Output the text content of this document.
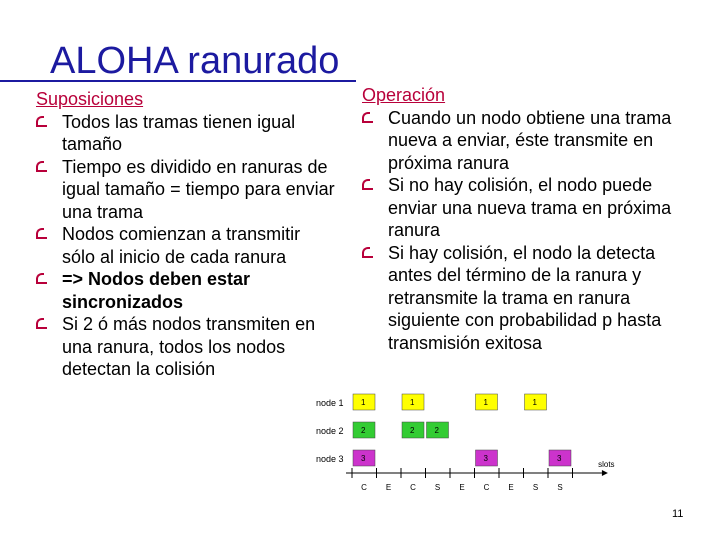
ALOHA ranurado
Suposiciones
Todos las tramas tienen igual tamaño
Tiempo es dividido en ranuras de igual tamaño = tiempo para enviar una trama
Nodos comienzan a transmitir sólo al inicio de cada ranura
=> Nodos deben estar sincronizados
Si 2 ó más nodos transmiten en una ranura, todos los nodos detectan la colisión
Operación
Cuando un nodo obtiene una trama nueva a enviar, éste transmite en próxima ranura
Si no hay colisión, el nodo puede enviar una nueva trama en próxima ranura
Si hay colisión, el nodo la detecta antes del término de la ranura y retransmite la trama en ranura siguiente con probabilidad p hasta transmisión exitosa
node 1 1	1	1	1
node 2 2	2	2
node 3 3	3	3
slots
C E C S E C E S S
11
